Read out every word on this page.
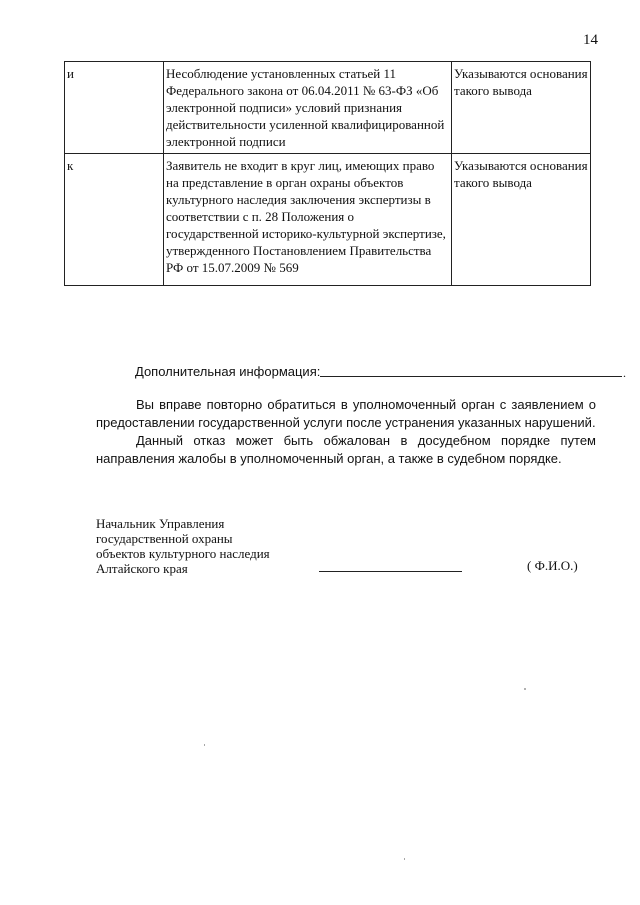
14
и	Несоблюдение установленных статьей 11 Федерального закона от 06.04.2011 № 63-ФЗ «Об электронной подписи» условий признания действительности усиленной квалифицированной электронной подписи	Указываются основания такого вывода
к	Заявитель не входит в круг лиц, имеющих право на представление в орган охраны объектов культурного наследия заключения экспертизы в соответствии с п. 28 Положения о государственной историко-культурной экспертизе, утвержденного Постановлением Правительства РФ от 15.07.2009 № 569	Указываются основания такого вывода
Дополнительная информация:	.

Вы вправе повторно обратиться в уполномоченный орган с заявлением о предоставлении государственной услуги после устранения указанных нарушений.

Данный отказ может быть обжалован в досудебном порядке путем направления жалобы в уполномоченный орган, а также в судебном порядке.

Начальник Управления
государственной охраны
объектов культурного наследия
Алтайского края	( Ф.И.О.)
